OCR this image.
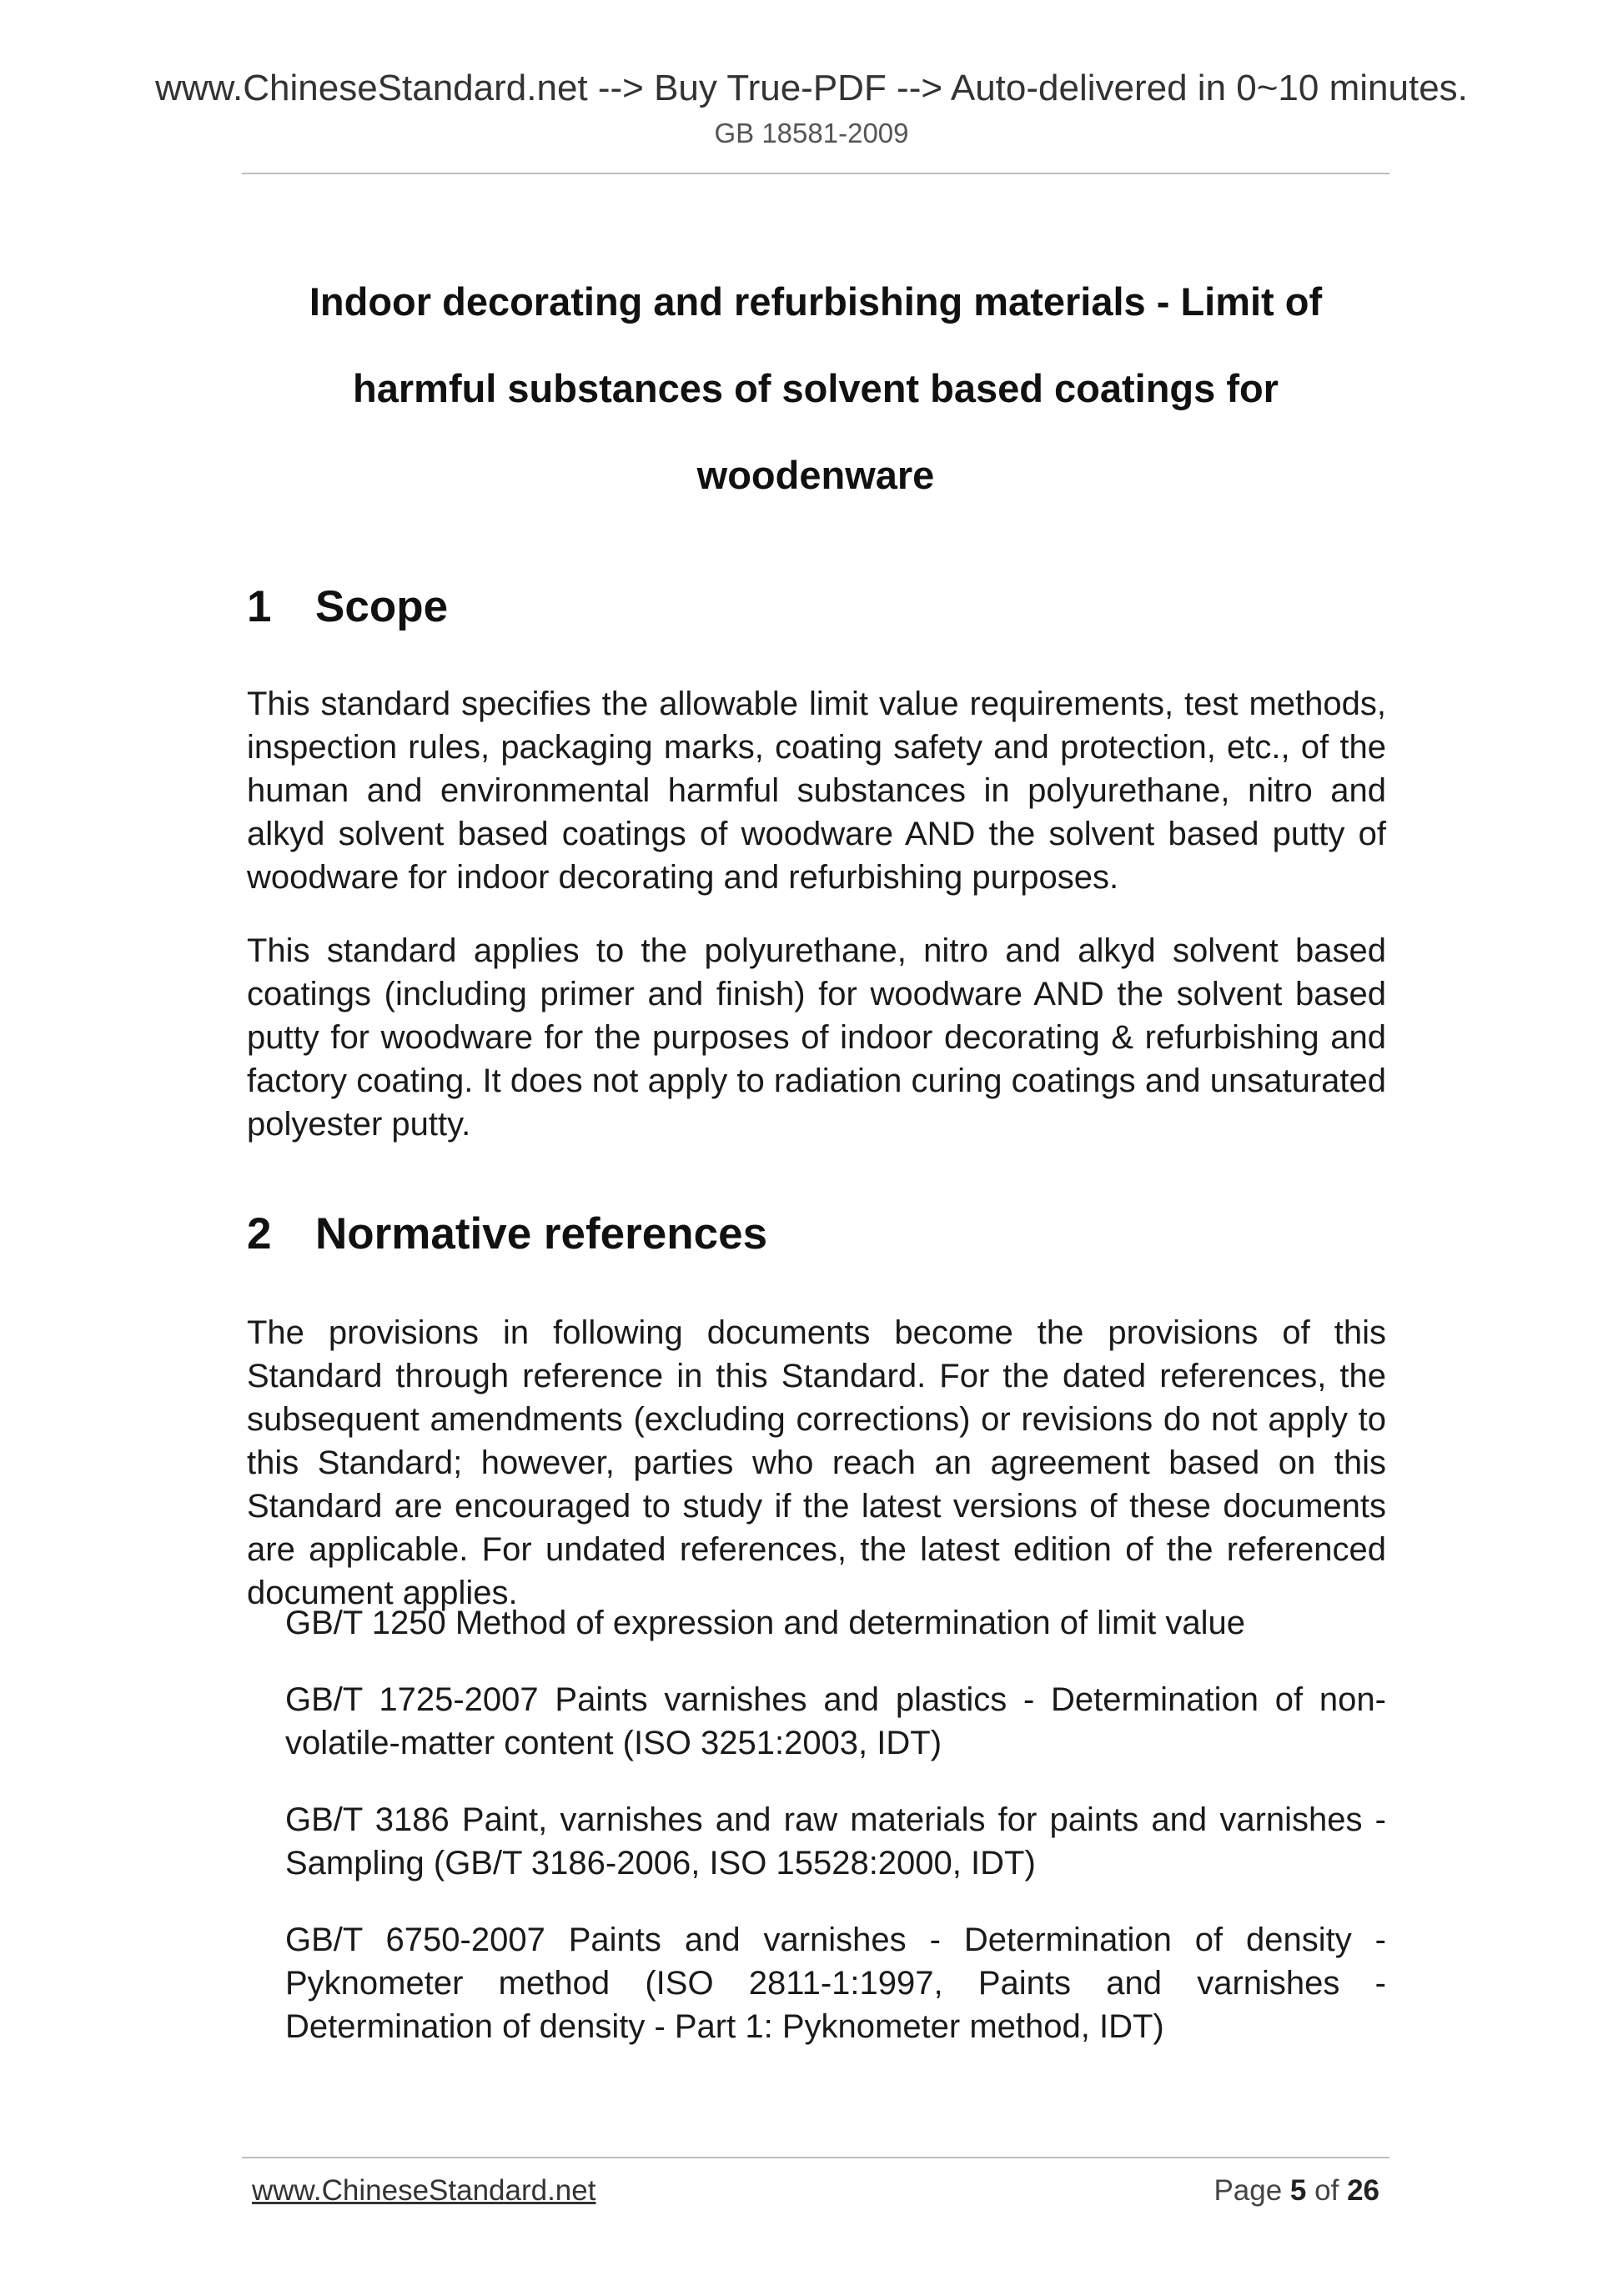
www.ChineseStandard.net --> Buy True-PDF --> Auto-delivered in 0~10 minutes.
GB 18581-2009
Indoor decorating and refurbishing materials - Limit of
harmful substances of solvent based coatings for
woodenware
1 Scope

This standard specifies the allowable limit value requirements, test methods, inspection rules, packaging marks, coating safety and protection, etc., of the human and environmental harmful substances in polyurethane, nitro and alkyd solvent based coatings of woodware AND the solvent based putty of woodware for indoor decorating and refurbishing purposes.

This standard applies to the polyurethane, nitro and alkyd solvent based coatings (including primer and finish) for woodware AND the solvent based putty for woodware for the purposes of indoor decorating & refurbishing and factory coating. It does not apply to radiation curing coatings and unsaturated polyester putty.

2 Normative references

The provisions in following documents become the provisions of this Standard through reference in this Standard. For the dated references, the subsequent amendments (excluding corrections) or revisions do not apply to this Standard; however, parties who reach an agreement based on this Standard are encouraged to study if the latest versions of these documents are applicable. For undated references, the latest edition of the referenced document applies.

GB/T 1250 Method of expression and determination of limit value

GB/T 1725-2007 Paints varnishes and plastics - Determination of non-volatile-matter content (ISO 3251:2003, IDT)

GB/T 3186 Paint, varnishes and raw materials for paints and varnishes - Sampling (GB/T 3186-2006, ISO 15528:2000, IDT)

GB/T 6750-2007 Paints and varnishes - Determination of density - Pyknometer method (ISO 2811-1:1997, Paints and varnishes - Determination of density - Part 1: Pyknometer method, IDT)

www.ChineseStandard.net	Page 5 of 26
